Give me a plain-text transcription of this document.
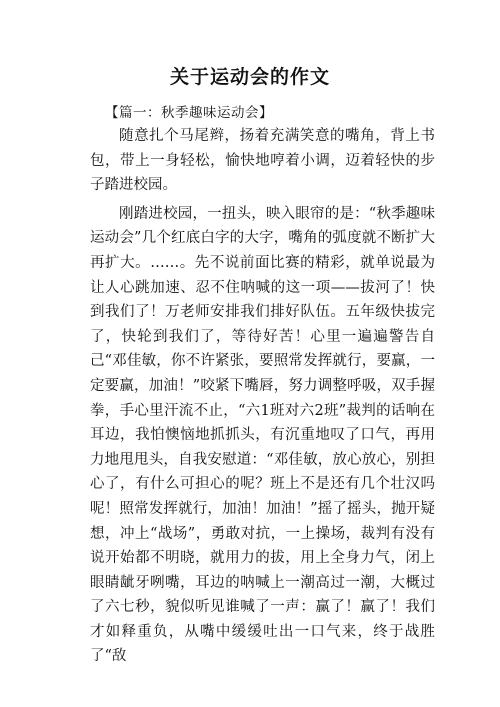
关于运动会的作文
【篇一：秋季趣味运动会】

随意扎个马尾辫，扬着充满笑意的嘴角，背上书包，带上一身轻松，愉快地哼着小调，迈着轻快的步子踏进校园。

刚踏进校园，一扭头，映入眼帘的是：“秋季趣味运动会”几个红底白字的大字，嘴角的弧度就不断扩大再扩大。……。先不说前面比赛的精彩，就单说最为让人心跳加速、忍不住呐喊的这一项——拔河了！快到我们了！万老师安排我们排好队伍。五年级快拔完了，快轮到我们了，等待好苦！心里一遍遍警告自己“邓佳敏，你不许紧张，要照常发挥就行，要赢，一定要赢，加油！”咬紧下嘴唇，努力调整呼吸，双手握拳，手心里汗流不止，“六1班对六2班”裁判的话响在耳边，我怕懊恼地抓抓头，有沉重地叹了口气，再用力地甩甩头，自我安慰道：“邓佳敏，放心放心，别担心了，有什么可担心的呢？班上不是还有几个壮汉吗呢！照常发挥就行，加油！加油！”摇了摇头，抛开疑想，冲上“战场”，勇敢对抗，一上操场，裁判有没有说开始都不明晓，就用力的拔，用上全身力气，闭上眼睛龇牙咧嘴，耳边的呐喊上一潮高过一潮，大概过了六七秒，貌似听见谁喊了一声：赢了！赢了！我们才如释重负，从嘴中缓缓吐出一口气来，终于战胜了“敌
